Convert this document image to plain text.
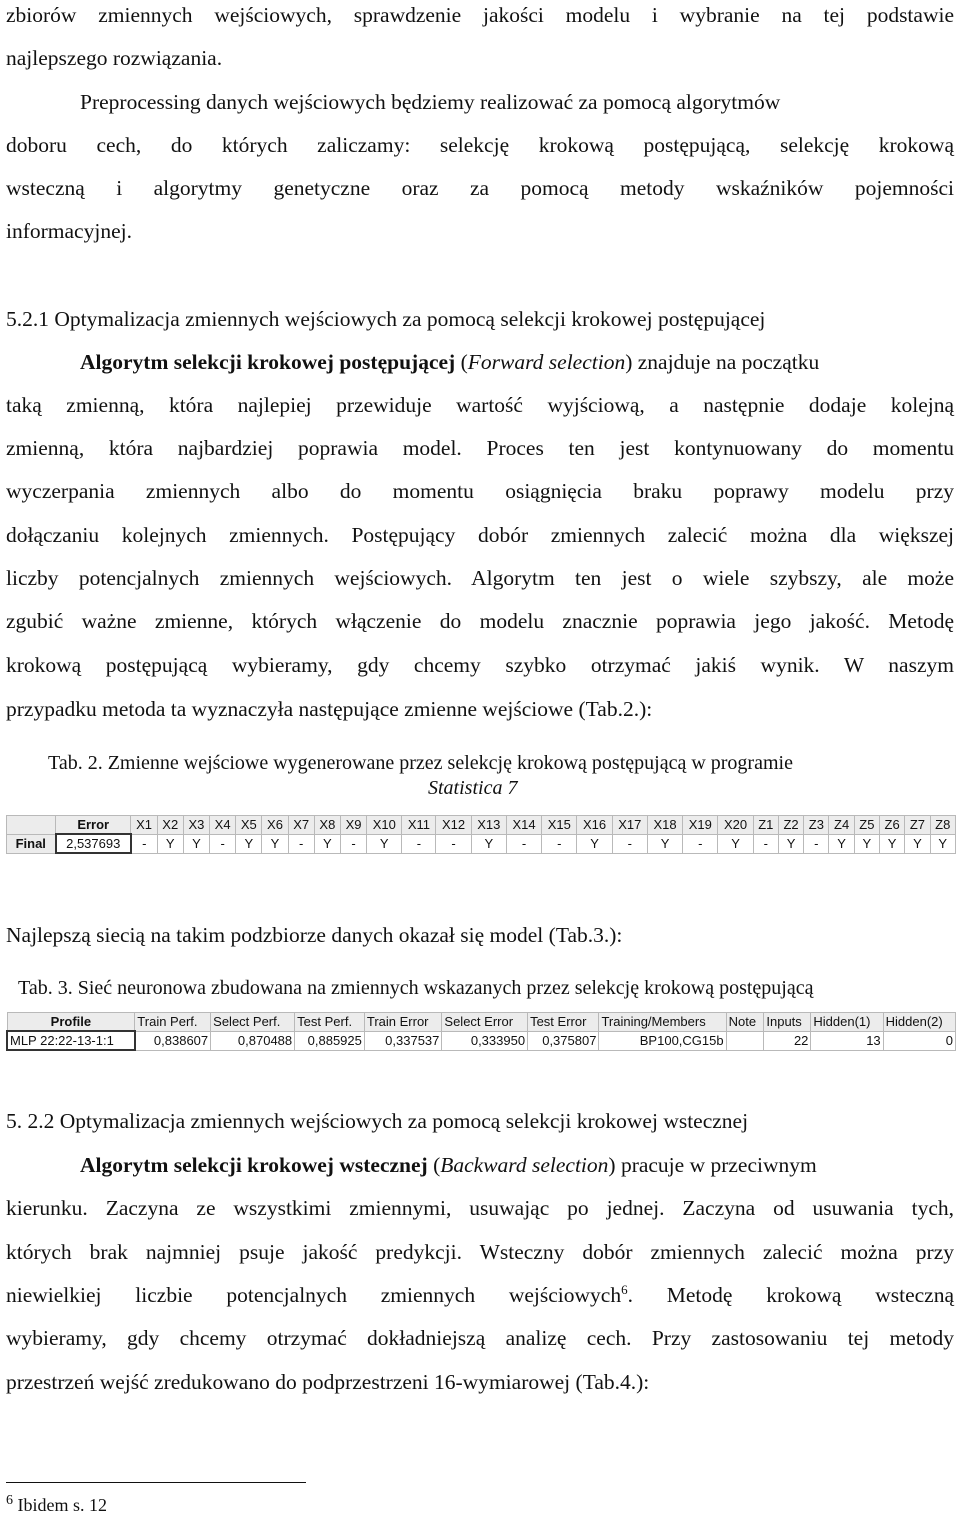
zbiorów zmiennych wejściowych, sprawdzenie jakości modelu i wybranie na tej podstawie
najlepszego rozwiązania.
Preprocessing danych wejściowych będziemy realizować za pomocą algorytmów
doboru cech, do których zaliczamy: selekcję krokową postępującą, selekcję krokową
wsteczną i algorytmy genetyczne oraz za pomocą metody wskaźników pojemności
informacyjnej.
5.2.1 Optymalizacja zmiennych wejściowych za pomocą selekcji krokowej postępującej
Algorytm selekcji krokowej postępującej (Forward selection) znajduje na początku
taką zmienną, która najlepiej przewiduje wartość wyjściową, a następnie dodaje kolejną
zmienną, która najbardziej poprawia model. Proces ten jest kontynuowany do momentu
wyczerpania zmiennych albo do momentu osiągnięcia braku poprawy modelu przy
dołączaniu kolejnych zmiennych. Postępujący dobór zmiennych zalecić można dla większej
liczby potencjalnych zmiennych wejściowych. Algorytm ten jest o wiele szybszy, ale może
zgubić ważne zmienne, których włączenie do modelu znacznie poprawia jego jakość. Metodę
krokową postępującą wybieramy, gdy chcemy szybko otrzymać jakiś wynik. W naszym
przypadku metoda ta wyznaczyła następujące zmienne wejściowe (Tab.2.):
Tab. 2. Zmienne wejściowe wygenerowane przez selekcję krokową postępującą w programie
Statistica 7
	Error	X1	X2	X3	X4	X5	X6	X7	X8	X9	X10	X11	X12	X13	X14	X15	X16	X17	X18	X19	X20	Z1	Z2	Z3	Z4	Z5	Z6	Z7	Z8
Final	2,537693	-	Y	Y	-	Y	Y	-	Y	-	Y	-	-	Y	-	-	Y	-	Y	-	Y	-	Y	-	Y	Y	Y	Y	Y
Najlepszą siecią na takim podzbiorze danych okazał się model (Tab.3.):
Tab. 3. Sieć neuronowa zbudowana na zmiennych wskazanych przez selekcję krokową postępującą
Profile	Train Perf.	Select Perf.	Test Perf.	Train Error	Select Error	Test Error	Training/Members	Note	Inputs	Hidden(1)	Hidden(2)
MLP 22:22-13-1:1	0,838607	0,870488	0,885925	0,337537	0,333950	0,375807	BP100,CG15b		22	13	0
5. 2.2 Optymalizacja zmiennych wejściowych za pomocą selekcji krokowej wstecznej
Algorytm selekcji krokowej wstecznej (Backward selection) pracuje w przeciwnym
kierunku. Zaczyna ze wszystkimi zmiennymi, usuwając po jednej. Zaczyna od usuwania tych,
których brak najmniej psuje jakość predykcji. Wsteczny dobór zmiennych zalecić można przy
niewielkiej liczbie potencjalnych zmiennych wejściowych$^6$. Metodę krokową wsteczną
wybieramy, gdy chcemy otrzymać dokładniejszą analizę cech. Przy zastosowaniu tej metody
przestrzeń wejść zredukowano do podprzestrzeni 16-wymiarowej (Tab.4.):
$^6$ Ibidem s. 12
